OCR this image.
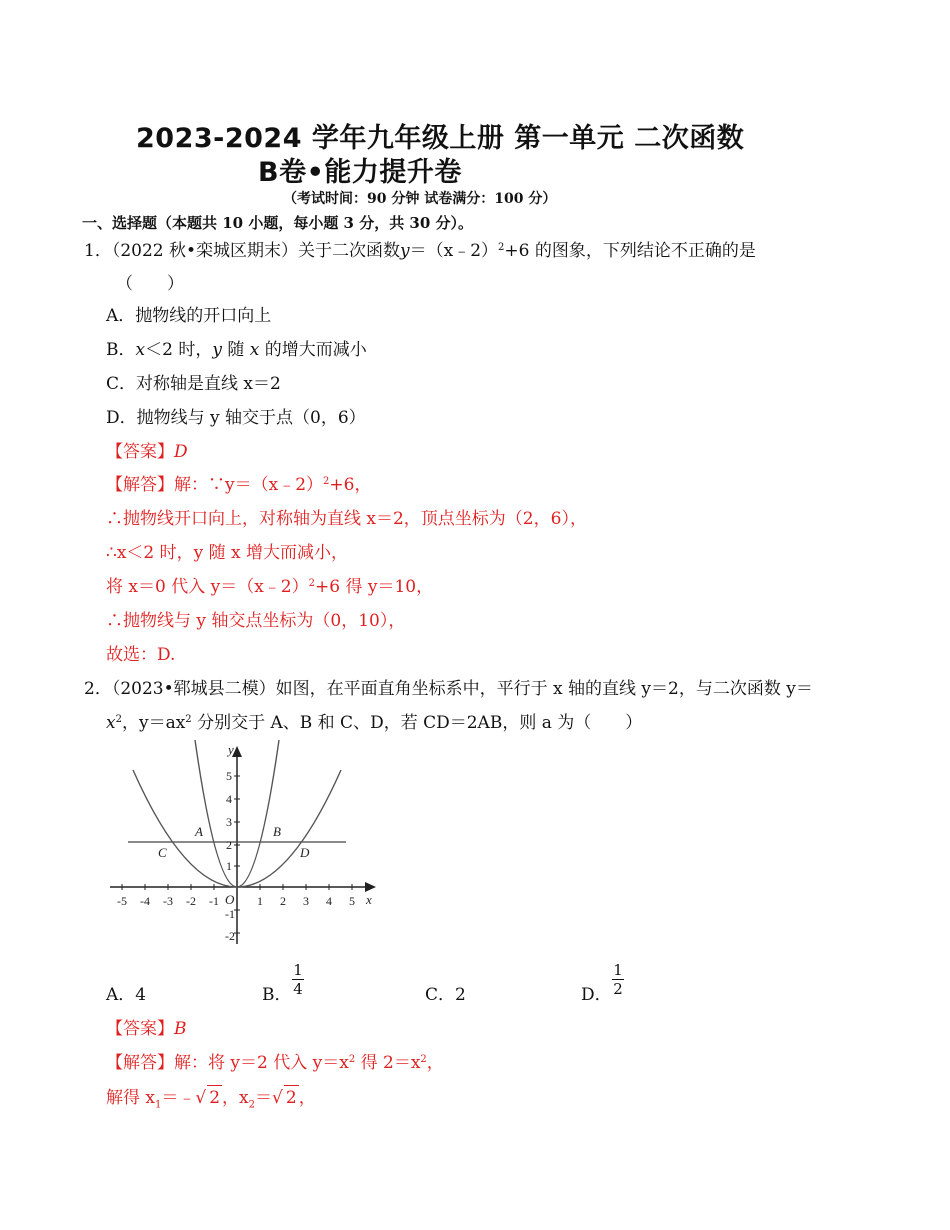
2023-2024 学年九年级上册 第一单元 二次函数
B卷•能力提升卷
（考试时间：90 分钟 试卷满分：100 分）
一、选择题（本题共 10 小题，每小题 3 分，共 30 分）。
1．（2022 秋•栾城区期末）关于二次函数y＝（x﹣2）$^2$+6 的图象，下列结论不正确的是
（　　）
A．抛物线的开口向上
B．x＜2 时，y 随 x 的增大而减小
C．对称轴是直线 x＝2
D．抛物线与 y 轴交于点（0，6）
【答案】D
【解答】解：∵y＝（x﹣2）$^2$+6，
∴抛物线开口向上，对称轴为直线 x＝2，顶点坐标为（2，6），
∴x＜2 时，y 随 x 增大而减小，
将 x＝0 代入 y＝（x﹣2）$^2$+6 得 y＝10，
∴抛物线与 y 轴交点坐标为（0，10），
故选：D.
2．（2023•郓城县二模）如图，在平面直角坐标系中，平行于 x 轴的直线 y＝2，与二次函数 y＝
$x^2$，$y=ax^2$ 分别交于 A、B 和 C、D，若 CD＝2AB，则 a 为（　　）
y
x
O
A	B
C	D
-5 -4 -3 -2 -1	1 2 3 4 5
5
4
3
2
1
-1
-2
A．4	B． $\frac{1}{4}$	C．2	D． $\frac{1}{2}$
【答案】B
【解答】解：将 y＝2 代入 $y=x^2$ 得 $2=x^2$，
解得 $x_1=﹣√$ 2 ，$x_2=√$ 2 ，
